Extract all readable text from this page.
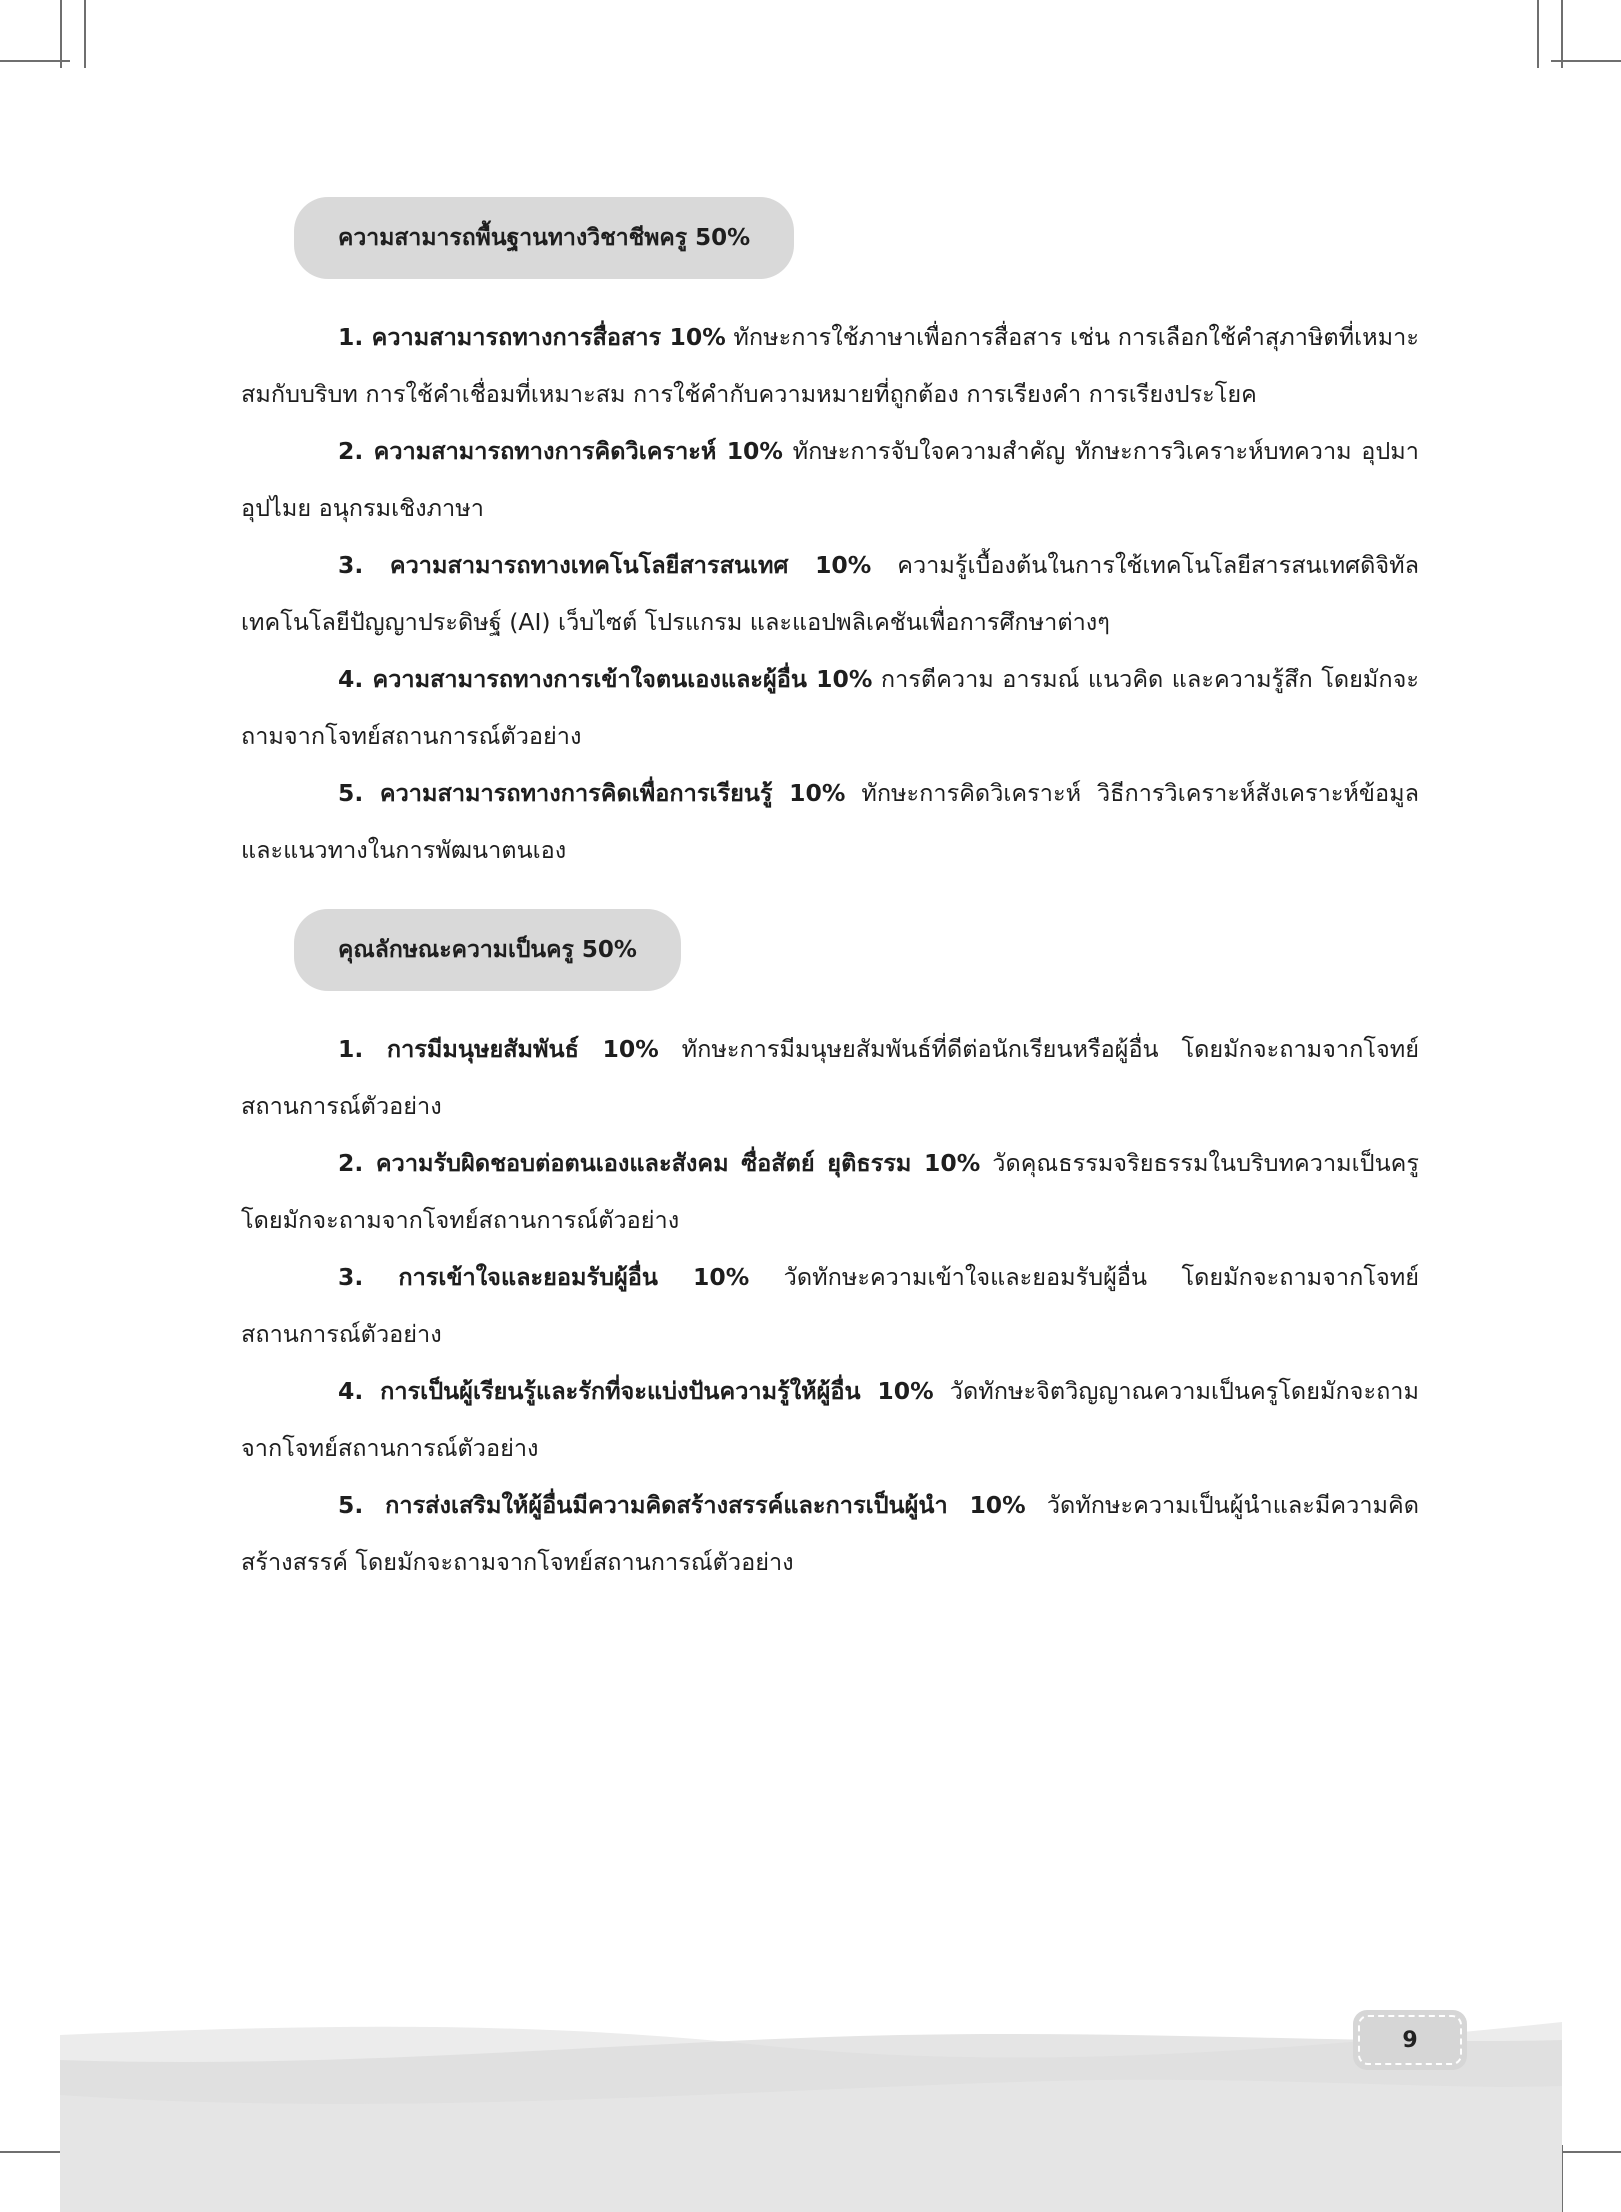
ความสามารถพื้นฐานทางวิชาชีพครู 50%

1. ความสามารถทางการสื่อสาร 10% ทักษะการใช้ภาษาเพื่อการสื่อสาร เช่น การเลือกใช้คำสุภาษิตที่เหมาะสมกับบริบท การใช้คำเชื่อมที่เหมาะสม การใช้คำกับความหมายที่ถูกต้อง การเรียงคำ การเรียงประโยค

2. ความสามารถทางการคิดวิเคราะห์ 10% ทักษะการจับใจความสำคัญ ทักษะการวิเคราะห์บทความ อุปมาอุปไมย อนุกรมเชิงภาษา

3. ความสามารถทางเทคโนโลยีสารสนเทศ 10% ความรู้เบื้องต้นในการใช้เทคโนโลยีสารสนเทศดิจิทัล เทคโนโลยีปัญญาประดิษฐ์ (AI) เว็บไซต์ โปรแกรม และแอปพลิเคชันเพื่อการศึกษาต่างๆ

4. ความสามารถทางการเข้าใจตนเองและผู้อื่น 10% การตีความ อารมณ์ แนวคิด และความรู้สึก โดยมักจะถามจากโจทย์สถานการณ์ตัวอย่าง

5. ความสามารถทางการคิดเพื่อการเรียนรู้ 10% ทักษะการคิดวิเคราะห์ วิธีการวิเคราะห์สังเคราะห์ข้อมูล และแนวทางในการพัฒนาตนเอง

คุณลักษณะความเป็นครู 50%

1. การมีมนุษยสัมพันธ์ 10% ทักษะการมีมนุษยสัมพันธ์ที่ดีต่อนักเรียนหรือผู้อื่น โดยมักจะถามจากโจทย์สถานการณ์ตัวอย่าง

2. ความรับผิดชอบต่อตนเองและสังคม ซื่อสัตย์ ยุติธรรม 10% วัดคุณธรรมจริยธรรมในบริบทความเป็นครู โดยมักจะถามจากโจทย์สถานการณ์ตัวอย่าง

3. การเข้าใจและยอมรับผู้อื่น 10% วัดทักษะความเข้าใจและยอมรับผู้อื่น โดยมักจะถามจากโจทย์สถานการณ์ตัวอย่าง

4. การเป็นผู้เรียนรู้และรักที่จะแบ่งปันความรู้ให้ผู้อื่น 10% วัดทักษะจิตวิญญาณความเป็นครูโดยมักจะถามจากโจทย์สถานการณ์ตัวอย่าง

5. การส่งเสริมให้ผู้อื่นมีความคิดสร้างสรรค์และการเป็นผู้นำ 10% วัดทักษะความเป็นผู้นำและมีความคิดสร้างสรรค์ โดยมักจะถามจากโจทย์สถานการณ์ตัวอย่าง

9
